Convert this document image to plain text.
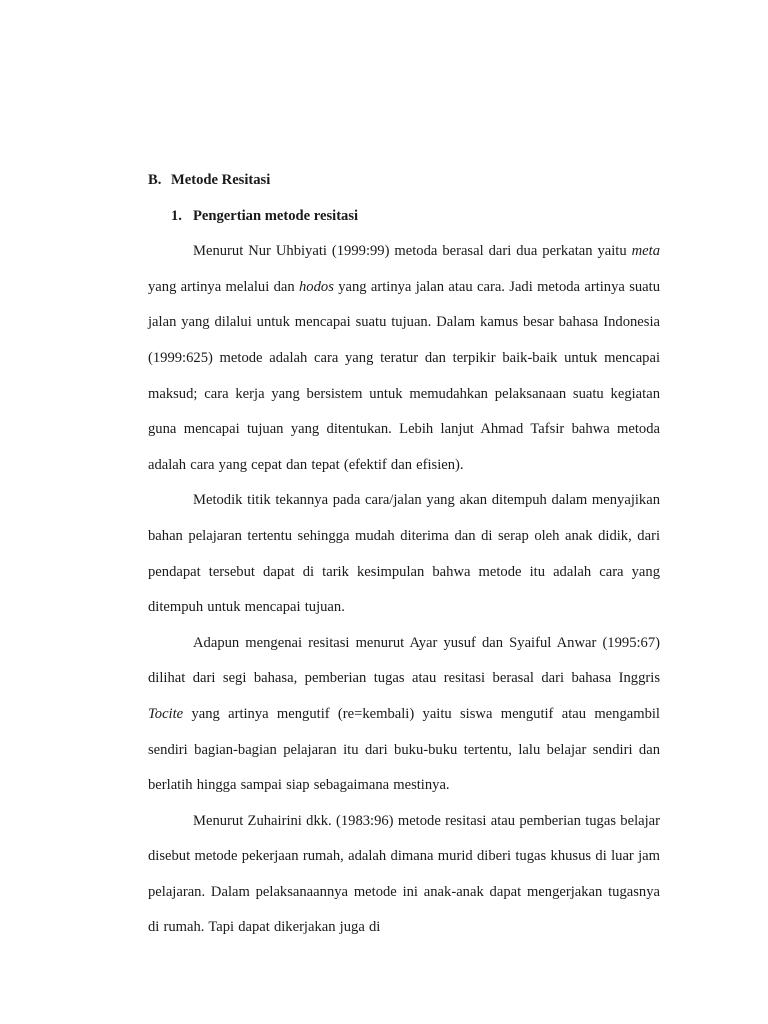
B. Metode Resitasi

1. Pengertian metode resitasi

Menurut Nur Uhbiyati (1999:99) metoda berasal dari dua perkatan yaitu meta yang artinya melalui dan hodos yang artinya jalan atau cara. Jadi metoda artinya suatu jalan yang dilalui untuk mencapai suatu tujuan. Dalam kamus besar bahasa Indonesia (1999:625) metode adalah cara yang teratur dan terpikir baik-baik untuk mencapai maksud; cara kerja yang bersistem untuk memudahkan pelaksanaan suatu kegiatan guna mencapai tujuan yang ditentukan. Lebih lanjut Ahmad Tafsir bahwa metoda adalah cara yang cepat dan tepat (efektif dan efisien).

Metodik titik tekannya pada cara/jalan yang akan ditempuh dalam menyajikan bahan pelajaran tertentu sehingga mudah diterima dan di serap oleh anak didik, dari pendapat tersebut dapat di tarik kesimpulan bahwa metode itu adalah cara yang ditempuh untuk mencapai tujuan.

Adapun mengenai resitasi menurut Ayar yusuf dan Syaiful Anwar (1995:67) dilihat dari segi bahasa, pemberian tugas atau resitasi berasal dari bahasa Inggris Tocite yang artinya mengutif (re=kembali) yaitu siswa mengutif atau mengambil sendiri bagian-bagian pelajaran itu dari buku-buku tertentu, lalu belajar sendiri dan berlatih hingga sampai siap sebagaimana mestinya.

Menurut Zuhairini dkk. (1983:96) metode resitasi atau pemberian tugas belajar disebut metode pekerjaan rumah, adalah dimana murid diberi tugas khusus di luar jam pelajaran. Dalam pelaksanaannya metode ini anak-anak dapat mengerjakan tugasnya di rumah. Tapi dapat dikerjakan juga di
